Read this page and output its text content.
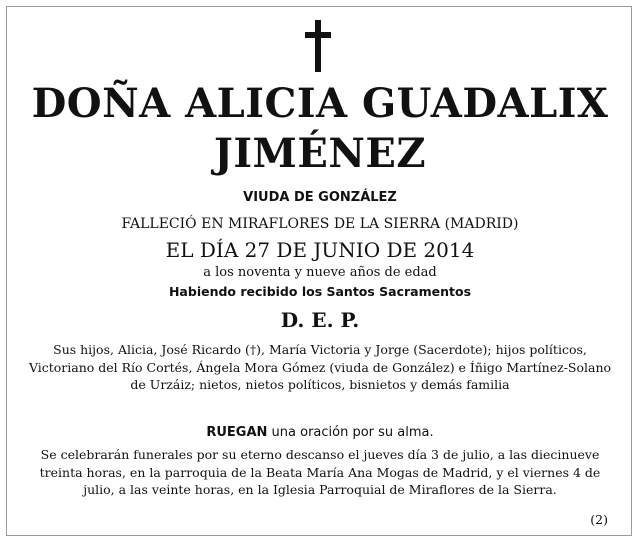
DOÑA ALICIA GUADALIX
JIMÉNEZ

VIUDA DE GONZÁLEZ

FALLECIÓ EN MIRAFLORES DE LA SIERRA (MADRID)

EL DÍA 27 DE JUNIO DE 2014

a los noventa y nueve años de edad

Habiendo recibido los Santos Sacramentos

D. E. P.

Sus hijos, Alicia, José Ricardo (†), María Victoria y Jorge (Sacerdote); hijos políticos, Victoriano del Río Cortés, Ángela Mora Gómez (viuda de González) e Íñigo Martínez-Solano de Urzáiz; nietos, nietos políticos, bisnietos y demás familia

RUEGAN una oración por su alma.

Se celebrarán funerales por su eterno descanso el jueves día 3 de julio, a las diecinueve treinta horas, en la parroquia de la Beata María Ana Mogas de Madrid, y el viernes 4 de julio, a las veinte horas, en la Iglesia Parroquial de Miraflores de la Sierra.

(2)
